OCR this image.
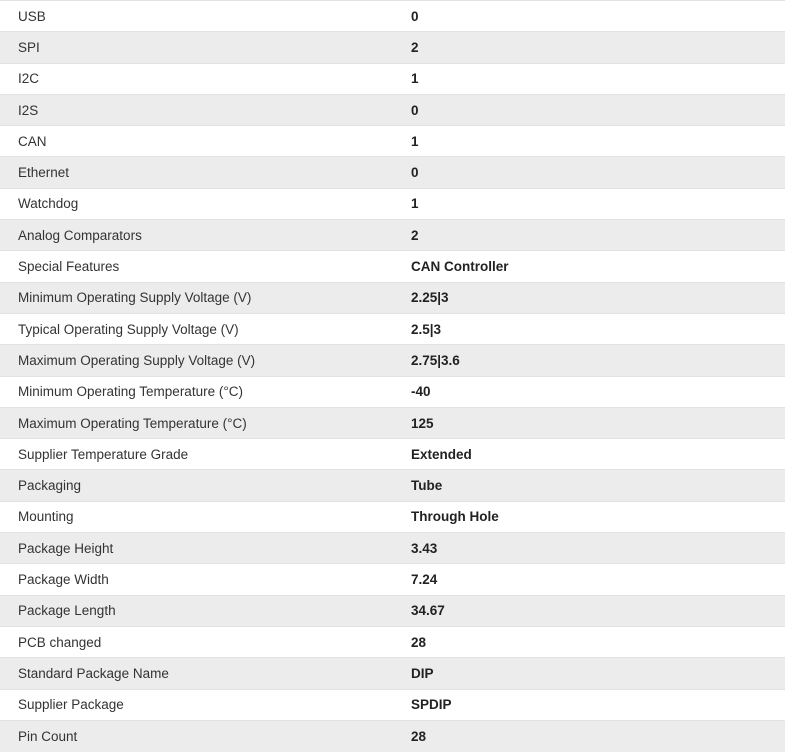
USB	0
SPI	2
I2C	1
I2S	0
CAN	1
Ethernet	0
Watchdog	1
Analog Comparators	2
Special Features	CAN Controller
Minimum Operating Supply Voltage (V)	2.25|3
Typical Operating Supply Voltage (V)	2.5|3
Maximum Operating Supply Voltage (V)	2.75|3.6
Minimum Operating Temperature (°C)	-40
Maximum Operating Temperature (°C)	125
Supplier Temperature Grade	Extended
Packaging	Tube
Mounting	Through Hole
Package Height	3.43
Package Width	7.24
Package Length	34.67
PCB changed	28
Standard Package Name	DIP
Supplier Package	SPDIP
Pin Count	28
